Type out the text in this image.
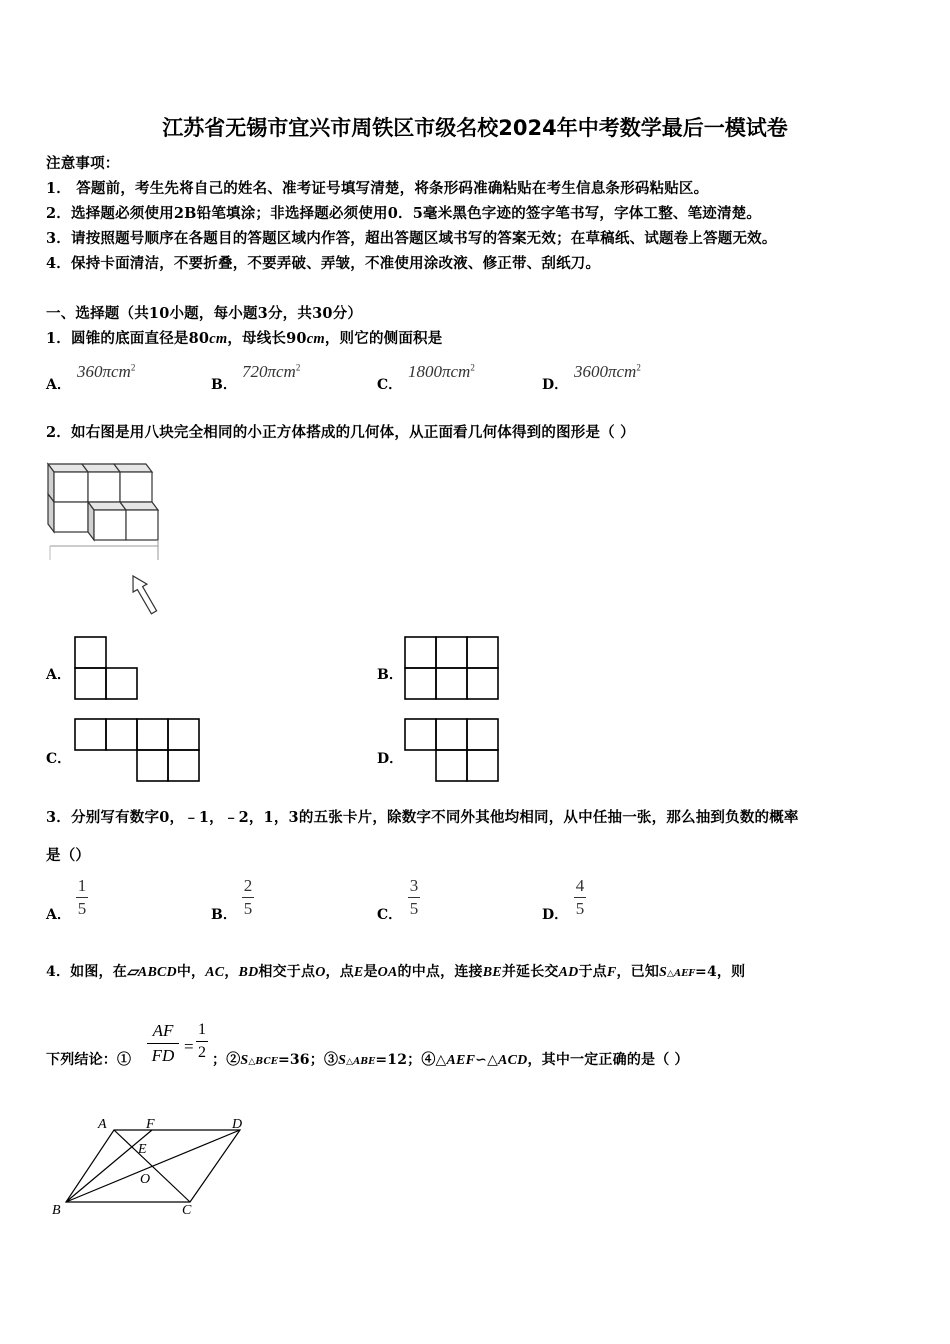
江苏省无锡市宜兴市周铁区市级名校2024年中考数学最后一模试卷
注意事项：
1． 答题前，考生先将自己的姓名、准考证号填写清楚，将条形码准确粘贴在考生信息条形码粘贴区。
2．选择题必须使用2B铅笔填涂；非选择题必须使用0．5毫米黑色字迹的签字笔书写，字体工整、笔迹清楚。
3．请按照题号顺序在各题目的答题区域内作答，超出答题区域书写的答案无效；在草稿纸、试题卷上答题无效。
4．保持卡面清洁，不要折叠，不要弄破、弄皱，不准使用涂改液、修正带、刮纸刀。
一、选择题（共10小题，每小题3分，共30分）
1．圆锥的底面直径是80cm，母线长90cm，则它的侧面积是
A．
360πcm$^2$
B．
720πcm$^2$
C．
1800πcm$^2$
D．
3600πcm$^2$
2．如右图是用八块完全相同的小正方体搭成的几何体，从正面看几何体得到的图形是（ ）
A．	B．
C．	D．
3．分别写有数字0，﹣1，﹣2，1，3的五张卡片，除数字不同外其他均相同，从中任抽一张，那么抽到负数的概率
是（）
A．
1
5	B．
2
5	C．
3
5	D．
4
5
4．如图，在▱ABCD中，AC，BD相交于点O，点E是OA的中点，连接BE并延长交AD于点F，已知S△AEF=4，则
下列结论：①
AF
FD =
1
2 ；②S△BCE=36；③S△ABE=12；④△AEF∽△ACD，其中一定正确的是（ ）
A	F	D
E
O
B	C
